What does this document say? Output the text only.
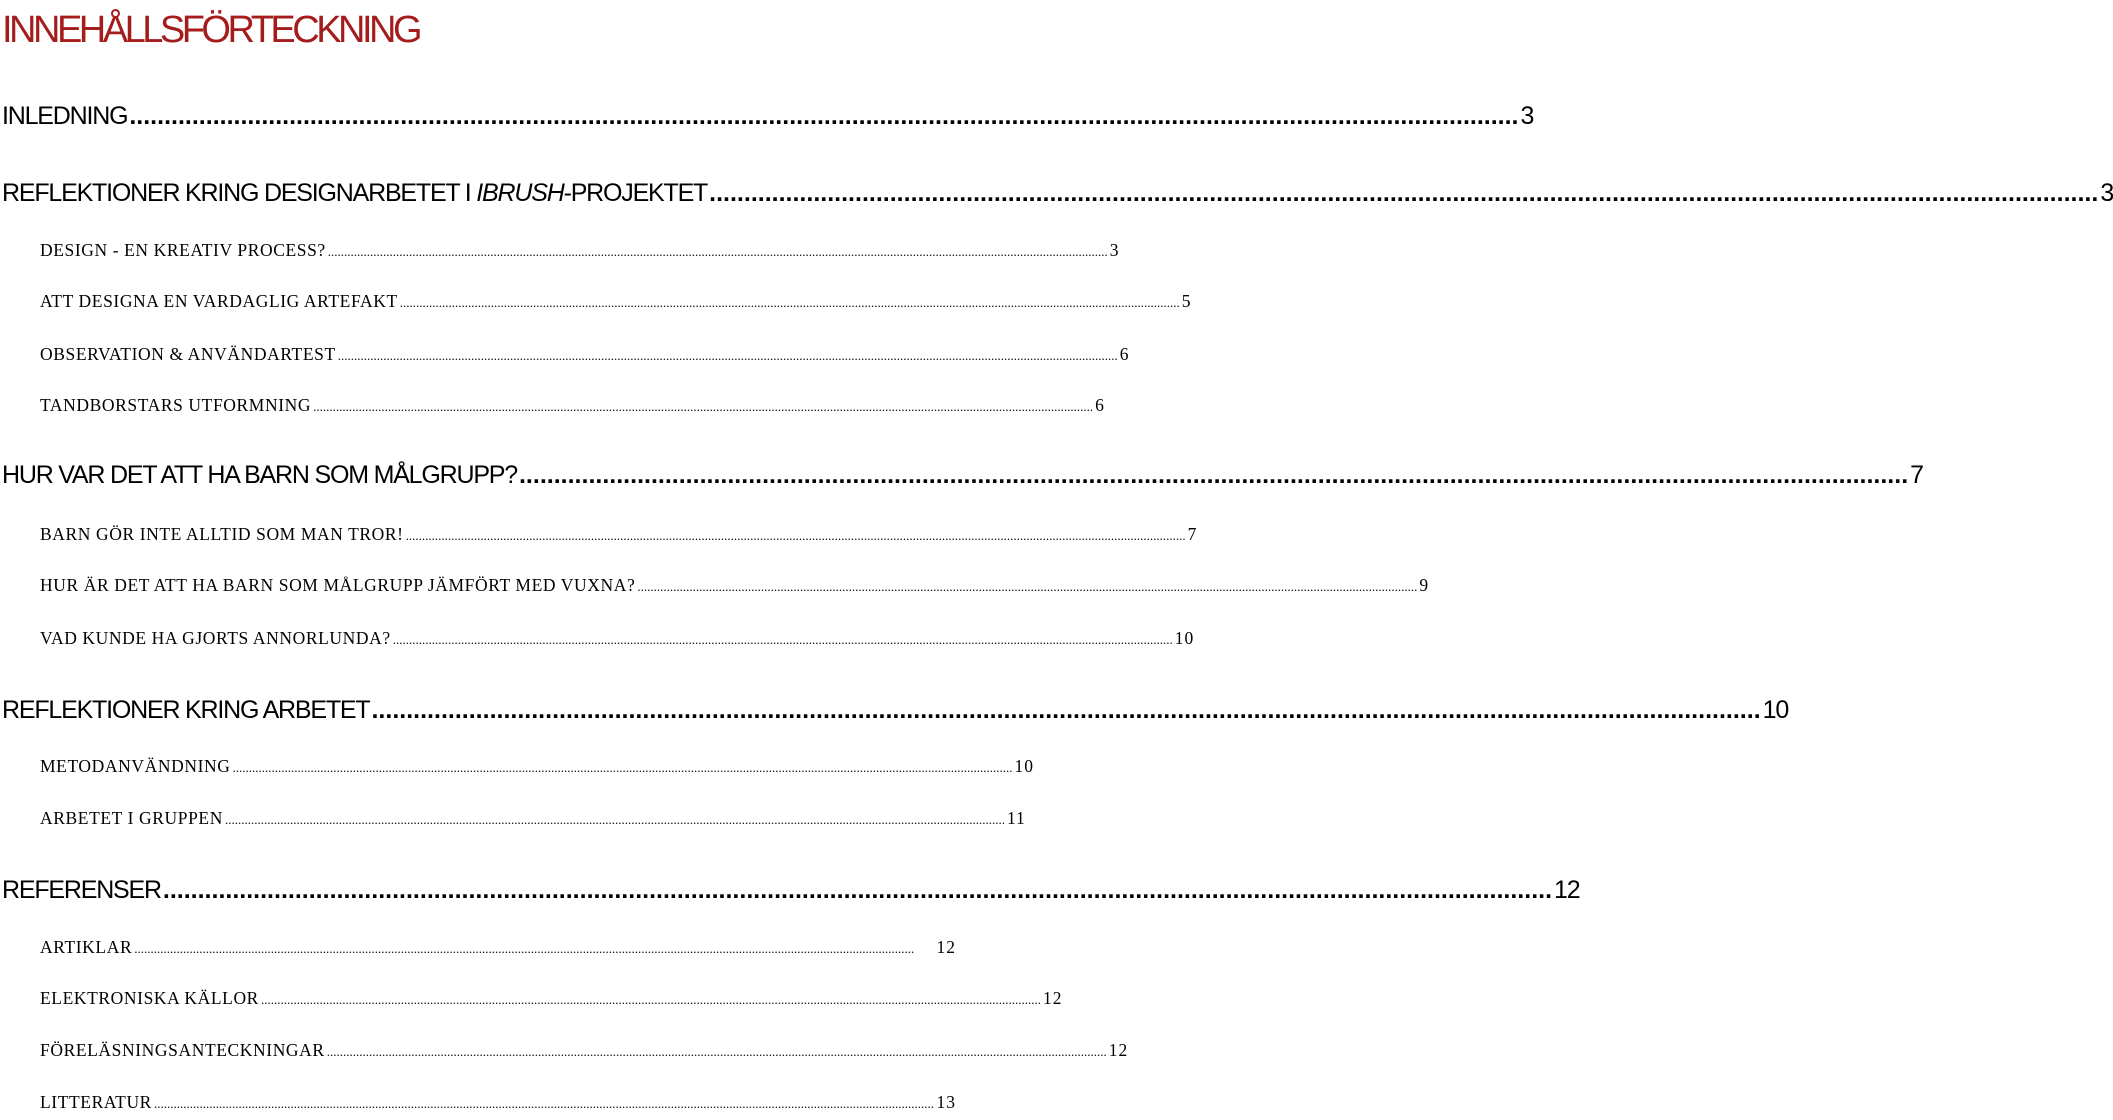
INNEHÅLLSFÖRTECKNING
INLEDNING ........................................................................................................................................................................................................ 3
REFLEKTIONER KRING DESIGNARBETET I IBRUSH-PROJEKTET ........................................................................................................................................................................................................ 3
DESIGN - EN KREATIV PROCESS? ................................................................................................................................................................................................................................................ 3
ATT DESIGNA EN VARDAGLIG ARTEFAKT ................................................................................................................................................................................................................................................ 5
OBSERVATION & ANVÄNDARTEST ................................................................................................................................................................................................................................................ 6
TANDBORSTARS UTFORMNING ................................................................................................................................................................................................................................................ 6
HUR VAR DET ATT HA BARN SOM MÅLGRUPP? ........................................................................................................................................................................................................ 7
BARN GÖR INTE ALLTID SOM MAN TROR! ................................................................................................................................................................................................................................................ 7
HUR ÄR DET ATT HA BARN SOM MÅLGRUPP JÄMFÖRT MED VUXNA? ................................................................................................................................................................................................................................................ 9
VAD KUNDE HA GJORTS ANNORLUNDA? ................................................................................................................................................................................................................................................ 10
REFLEKTIONER KRING ARBETET ........................................................................................................................................................................................................ 10
METODANVÄNDNING ................................................................................................................................................................................................................................................ 10
ARBETET I GRUPPEN ................................................................................................................................................................................................................................................ 11
REFERENSER ........................................................................................................................................................................................................ 12
ARTIKLAR ................................................................................................................................................................................................................................................	12
ELEKTRONISKA KÄLLOR ................................................................................................................................................................................................................................................ 12
FÖRELÄSNINGSANTECKNINGAR ................................................................................................................................................................................................................................................ 12
LITTERATUR ................................................................................................................................................................................................................................................ 13
